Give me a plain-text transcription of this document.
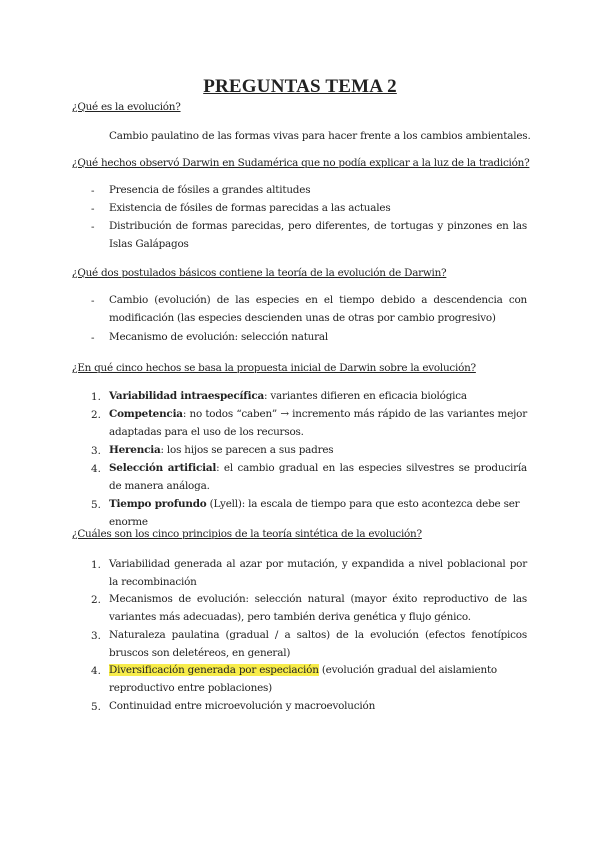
PREGUNTAS TEMA 2
¿Qué es la evolución?
Cambio paulatino de las formas vivas para hacer frente a los cambios ambientales.
¿Qué hechos observó Darwin en Sudamérica que no podía explicar a la luz de la tradición?
- Presencia de fósiles a grandes altitudes
- Existencia de fósiles de formas parecidas a las actuales
- Distribución de formas parecidas, pero diferentes, de tortugas y pinzones en las Islas Galápagos
¿Qué dos postulados básicos contiene la teoría de la evolución de Darwin?
- Cambio (evolución) de las especies en el tiempo debido a descendencia con modificación (las especies descienden unas de otras por cambio progresivo)
- Mecanismo de evolución: selección natural
¿En qué cinco hechos se basa la propuesta inicial de Darwin sobre la evolución?
1. Variabilidad intraespecífica: variantes difieren en eficacia biológica
2. Competencia: no todos “caben” → incremento más rápido de las variantes mejor adaptadas para el uso de los recursos.
3. Herencia: los hijos se parecen a sus padres
4. Selección artificial: el cambio gradual en las especies silvestres se produciría de manera análoga.
5. Tiempo profundo (Lyell): la escala de tiempo para que esto acontezca debe ser enorme
¿Cuáles son los cinco principios de la teoría sintética de la evolución?
1. Variabilidad generada al azar por mutación, y expandida a nivel poblacional por la recombinación
2. Mecanismos de evolución: selección natural (mayor éxito reproductivo de las variantes más adecuadas), pero también deriva genética y flujo génico.
3. Naturaleza paulatina (gradual / a saltos) de la evolución (efectos fenotípicos bruscos son deletéreos, en general)
4. Diversificación generada por especiación (evolución gradual del aislamiento reproductivo entre poblaciones)
5. Continuidad entre microevolución y macroevolución
